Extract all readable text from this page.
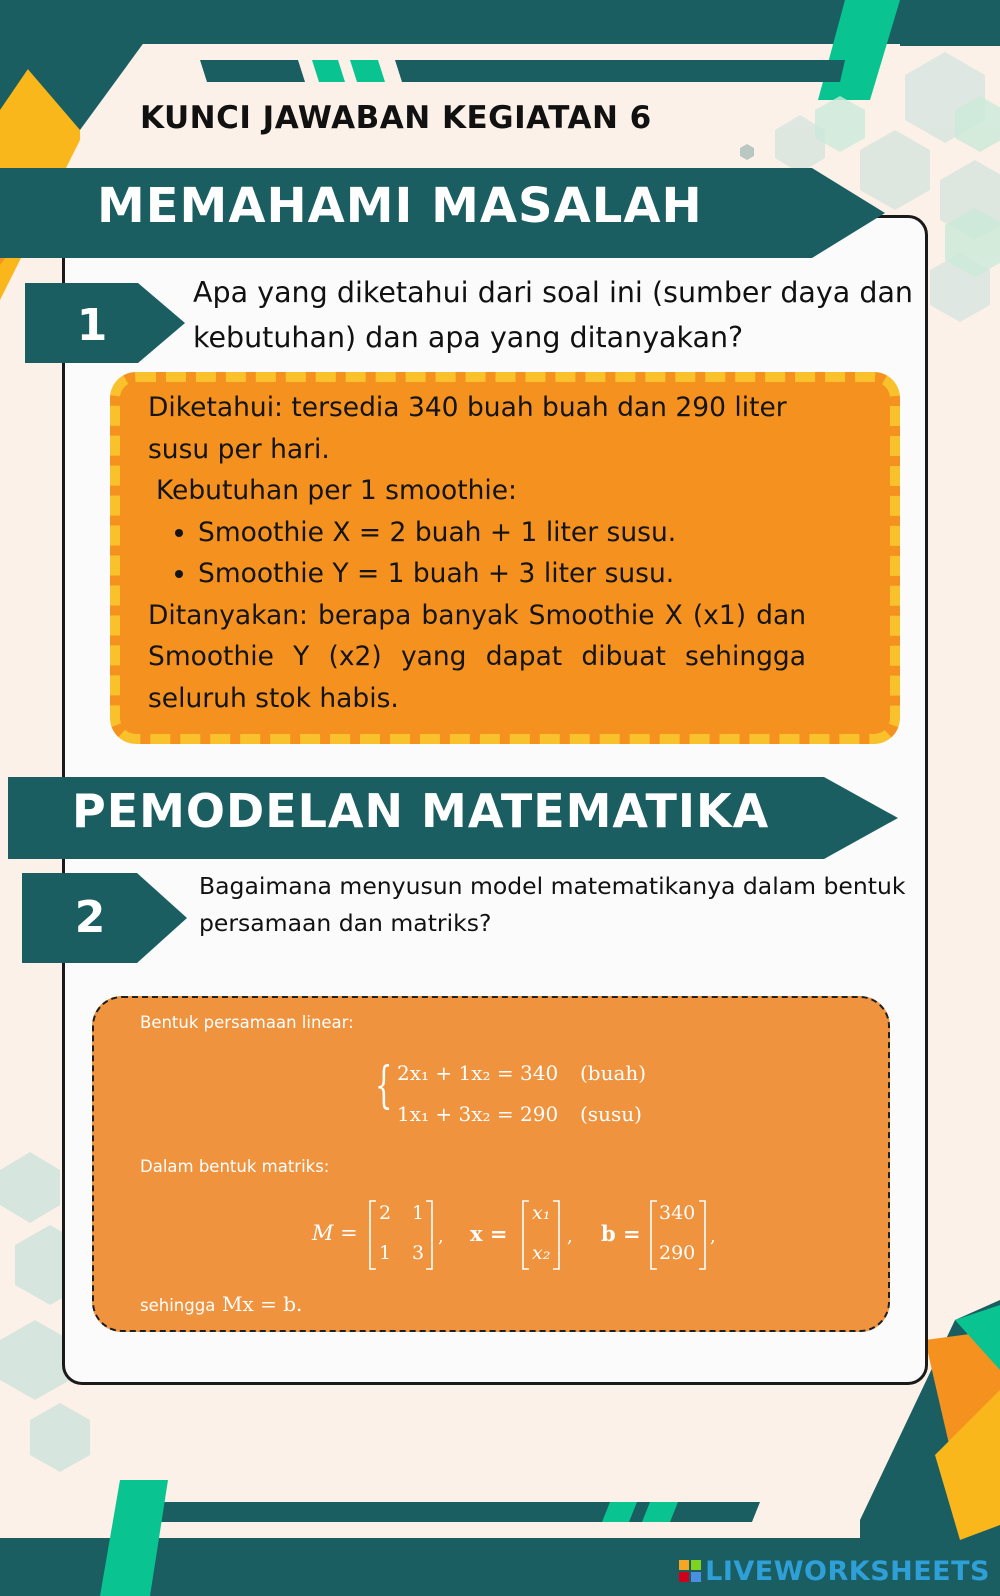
KUNCI JAWABAN KEGIATAN 6
MEMAHAMI MASALAH
1
Apa yang diketahui dari soal ini (sumber daya dan kebutuhan) dan apa yang ditanyakan?

Diketahui: tersedia 340 buah buah dan 290 liter susu per hari.

Kebutuhan per 1 smoothie:

• Smoothie X = 2 buah + 1 liter susu.
• Smoothie Y = 1 buah + 3 liter susu.

Ditanyakan: berapa banyak Smoothie X (x1) dan Smoothie Y (x2) yang dapat dibuat sehingga seluruh stok habis.

PEMODELAN MATEMATIKA
2
Bagaimana menyusun model matematikanya dalam bentuk persamaan dan matriks?
Bentuk persamaan linear:
{ 2x₁ + 1x₂ = 340 (buah)
1x₁ + 3x₂ = 290 (susu)
Dalam bentuk matriks:
M =
2 1
1 3
, x =
x₁
x₂
, b =
340
290
,
sehingga Mx = b.
LIVEWORKSHEETS
